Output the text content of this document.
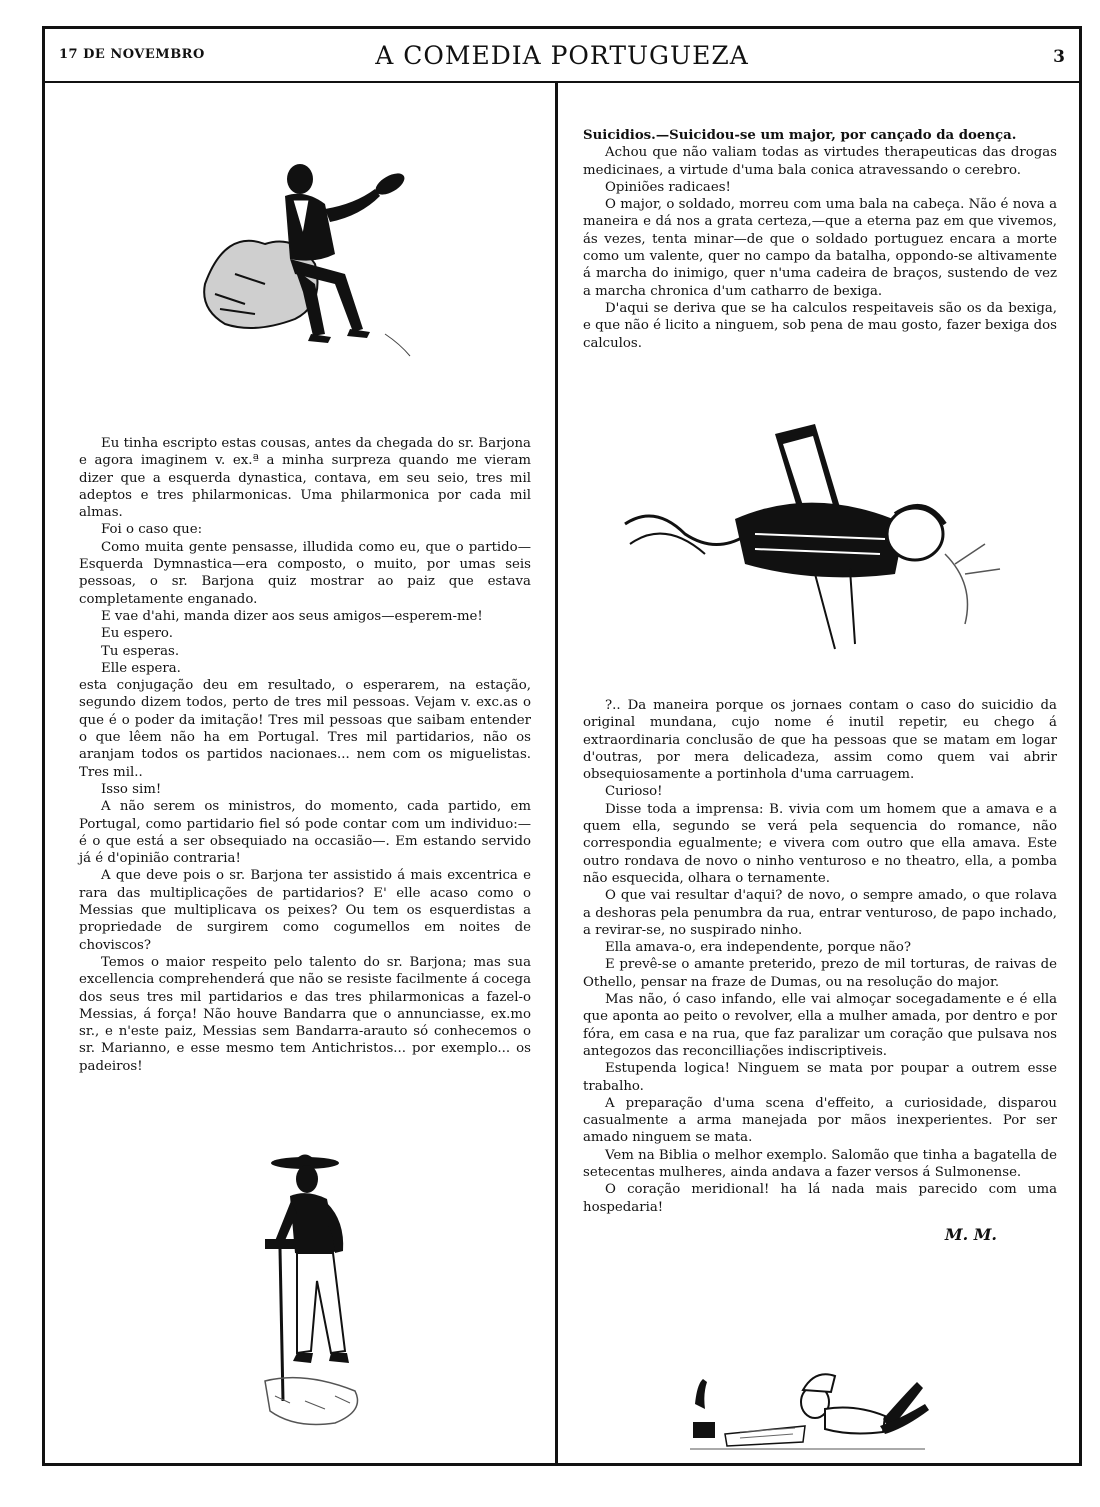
17 DE NOVEMBRO	A COMEDIA PORTUGUEZA	3

Eu tinha escripto estas cousas, antes da chegada do sr. Barjona e agora imaginem v. ex.ª a minha surpreza quando me vieram dizer que a esquerda dynastica, contava, em seu seio, tres mil adeptos e tres philarmonicas. Uma philarmonica por cada mil almas.

Foi o caso que:

Como muita gente pensasse, illudida como eu, que o partido—Esquerda Dymnastica—era composto, o muito, por umas seis pessoas, o sr. Barjona quiz mostrar ao paiz que estava completamente enganado.

E vae d'ahi, manda dizer aos seus amigos—esperem-me!

Eu espero.

Tu esperas.

Elle espera.

esta conjugação deu em resultado, o esperarem, na estação, segundo dizem todos, perto de tres mil pessoas. Vejam v. exc.as o que é o poder da imitação! Tres mil pessoas que saibam entender o que lêem não ha em Portugal. Tres mil partidarios, não os aranjam todos os partidos nacionaes... nem com os miguelistas. Tres mil..

Isso sim!

A não serem os ministros, do momento, cada partido, em Portugal, como partidario fiel só pode contar com um individuo:—é o que está a ser obsequiado na occasião—. Em estando servido já é d'opinião contraria!

A que deve pois o sr. Barjona ter assistido á mais excentrica e rara das multiplicações de partidarios? E' elle acaso como o Messias que multiplicava os peixes? Ou tem os esquerdistas a propriedade de surgirem como cogumellos em noites de choviscos?

Temos o maior respeito pelo talento do sr. Barjona; mas sua excellencia comprehenderá que não se resiste facilmente á cocega dos seus tres mil partidarios e das tres philarmonicas a fazel-o Messias, á força! Não houve Bandarra que o annunciasse, ex.mo sr., e n'este paiz, Messias sem Bandarra-arauto só conhecemos o sr. Marianno, e esse mesmo tem Antichristos... por exemplo... os padeiros!

Suicidios.—Suicidou-se um major, por cançado da doença.

Achou que não valiam todas as virtudes therapeuticas das drogas medicinaes, a virtude d'uma bala conica atravessando o cerebro.

Opiniões radicaes!

O major, o soldado, morreu com uma bala na cabeça. Não é nova a maneira e dá nos a grata certeza,—que a eterna paz em que vivemos, ás vezes, tenta minar—de que o soldado portuguez encara a morte como um valente, quer no campo da batalha, oppondo-se altivamente á marcha do inimigo, quer n'uma cadeira de braços, sustendo de vez a marcha chronica d'um catharro de bexiga.

D'aqui se deriva que se ha calculos respeitaveis são os da bexiga, e que não é licito a ninguem, sob pena de mau gosto, fazer bexiga dos calculos.

?.. Da maneira porque os jornaes contam o caso do suicidio da original mundana, cujo nome é inutil repetir, eu chego á extraordinaria conclusão de que ha pessoas que se matam em logar d'outras, por mera delicadeza, assim como quem vai abrir obsequiosamente a portinhola d'uma carruagem.

Curioso!

Disse toda a imprensa: B. vivia com um homem que a amava e a quem ella, segundo se verá pela sequencia do romance, não correspondia egualmente; e vivera com outro que ella amava. Este outro rondava de novo o ninho venturoso e no theatro, ella, a pomba não esquecida, olhara o ternamente.

O que vai resultar d'aqui? de novo, o sempre amado, o que rolava a deshoras pela penumbra da rua, entrar venturoso, de papo inchado, a revirar-se, no suspirado ninho.

Ella amava-o, era independente, porque não?

E prevê-se o amante preterido, prezo de mil torturas, de raivas de Othello, pensar na fraze de Dumas, ou na resolução do major.

Mas não, ó caso infando, elle vai almoçar socegadamente e é ella que aponta ao peito o revolver, ella a mulher amada, por dentro e por fóra, em casa e na rua, que faz paralizar um coração que pulsava nos antegozos das reconcilliações indiscriptiveis.

Estupenda logica! Ninguem se mata por poupar a outrem esse trabalho.

A preparação d'uma scena d'effeito, a curiosidade, disparou casualmente a arma manejada por mãos inexperientes. Por ser amado ninguem se mata.

Vem na Biblia o melhor exemplo. Salomão que tinha a bagatella de setecentas mulheres, ainda andava a fazer versos á Sulmonense.

O coração meridional! ha lá nada mais parecido com uma hospedaria!

M. M.
